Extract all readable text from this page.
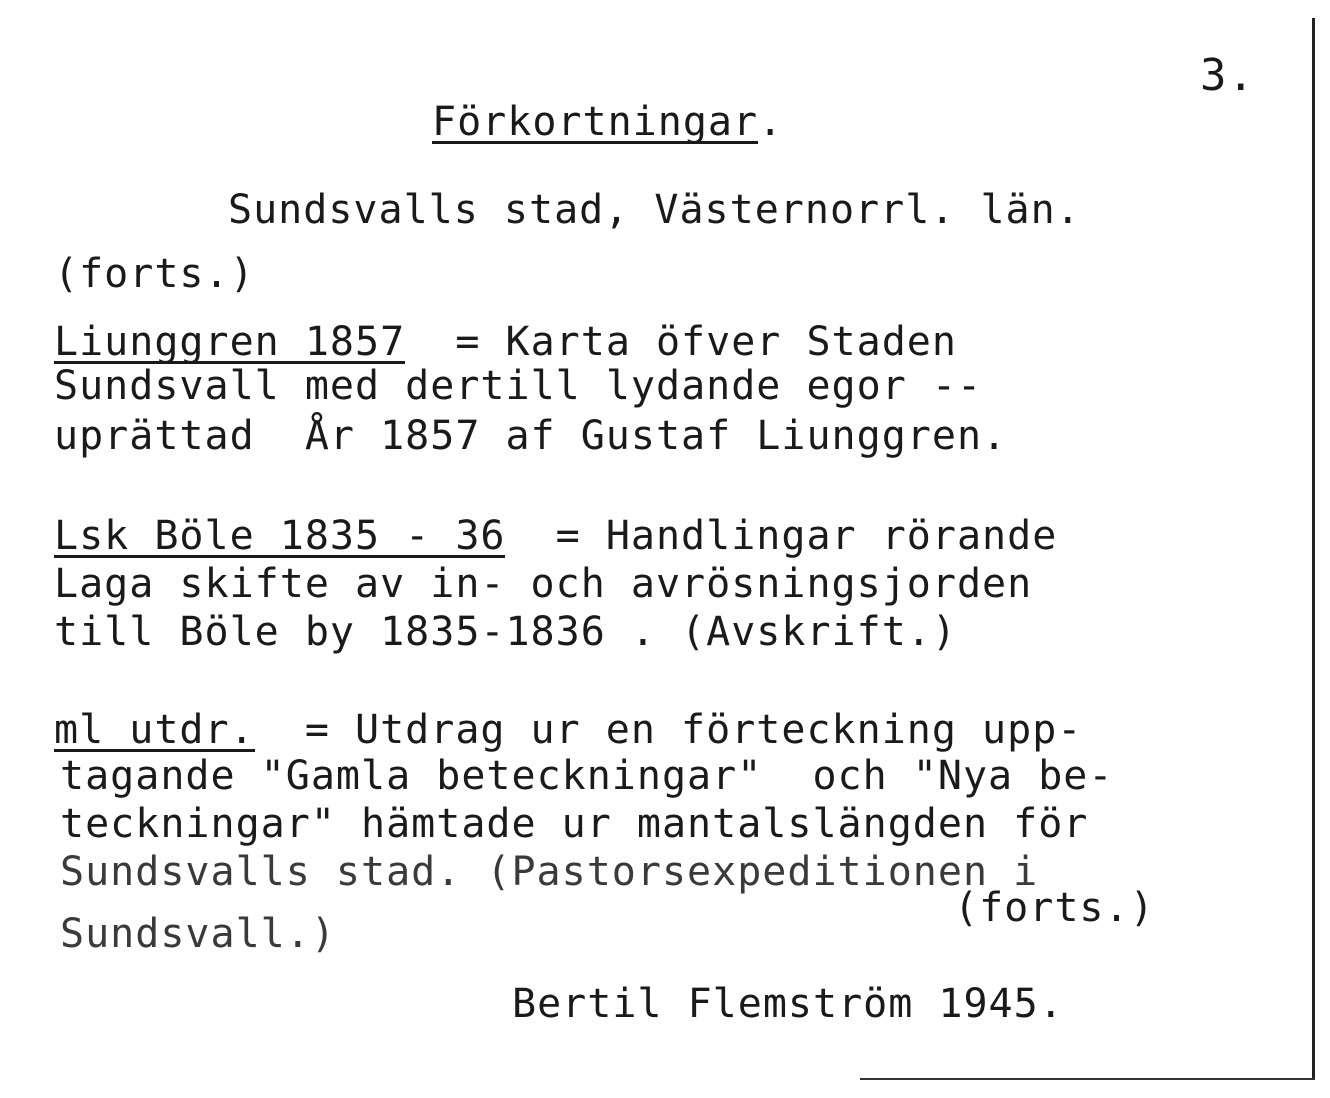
3.
Förkortningar.
Sundsvalls stad, Västernorrl. län.
(forts.)
Liunggren 1857  = Karta öfver Staden
Sundsvall med dertill lydande egor --
uprättad  År 1857 af Gustaf Liunggren.
Lsk Böle 1835 - 36  = Handlingar rörande
Laga skifte av in- och avrösningsjorden
till Böle by 1835-1836 . (Avskrift.)
ml utdr.  = Utdrag ur en förteckning upp-
tagande "Gamla beteckningar"  och "Nya be-
teckningar" hämtade ur mantalslängden för
Sundsvalls stad. (Pastorsexpeditionen i
Sundsvall.)
(forts.)
Bertil Flemström 1945.
